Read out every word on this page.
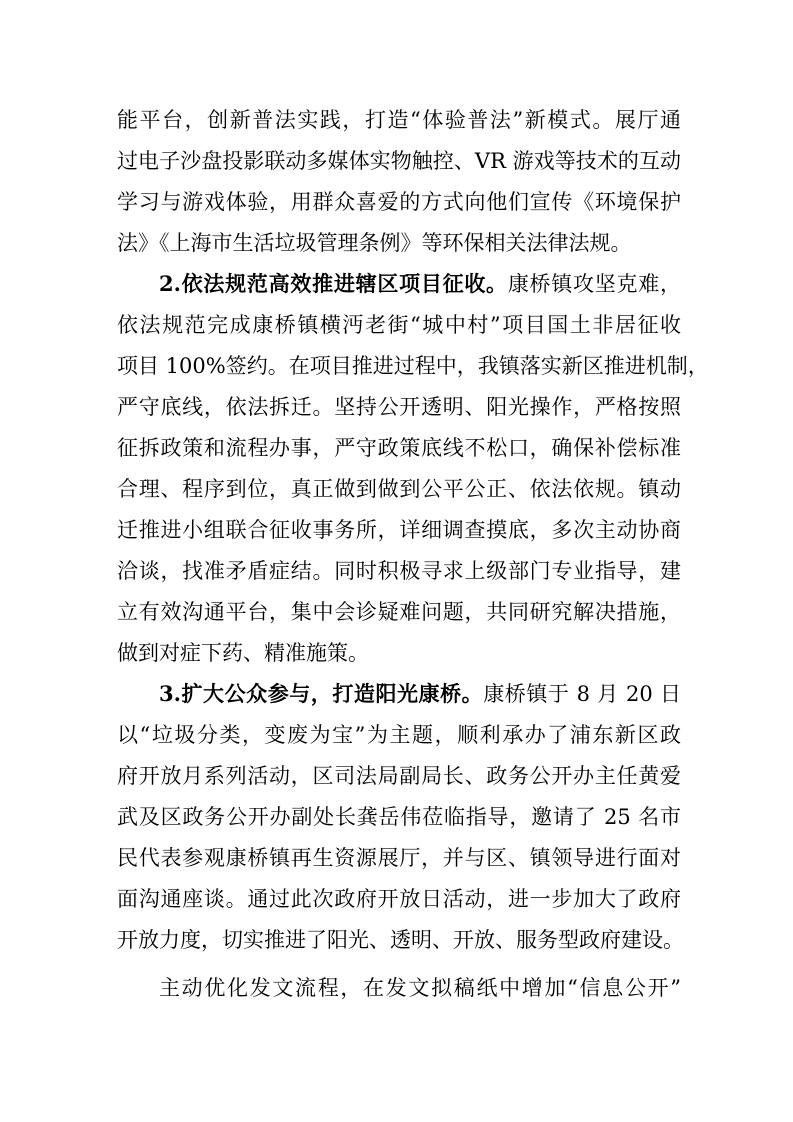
能平台，创新普法实践，打造“体验普法”新模式。展厅通
过电子沙盘投影联动多媒体实物触控、VR 游戏等技术的互动
学习与游戏体验，用群众喜爱的方式向他们宣传《环境保护
法》《上海市生活垃圾管理条例》等环保相关法律法规。
2.依法规范高效推进辖区项目征收。康桥镇攻坚克难，
依法规范完成康桥镇横沔老街“城中村”项目国土非居征收
项目 100%签约。在项目推进过程中，我镇落实新区推进机制，
严守底线，依法拆迁。坚持公开透明、阳光操作，严格按照
征拆政策和流程办事，严守政策底线不松口，确保补偿标准
合理、程序到位，真正做到做到公平公正、依法依规。镇动
迁推进小组联合征收事务所，详细调查摸底，多次主动协商
洽谈，找准矛盾症结。同时积极寻求上级部门专业指导，建
立有效沟通平台，集中会诊疑难问题，共同研究解决措施，
做到对症下药、精准施策。
3.扩大公众参与，打造阳光康桥。康桥镇于 8 月 20 日
以“垃圾分类，变废为宝”为主题，顺利承办了浦东新区政
府开放月系列活动，区司法局副局长、政务公开办主任黄爱
武及区政务公开办副处长龚岳伟莅临指导，邀请了 25 名市
民代表参观康桥镇再生资源展厅，并与区、镇领导进行面对
面沟通座谈。通过此次政府开放日活动，进一步加大了政府
开放力度，切实推进了阳光、透明、开放、服务型政府建设。
主动优化发文流程，在发文拟稿纸中增加“信息公开”
